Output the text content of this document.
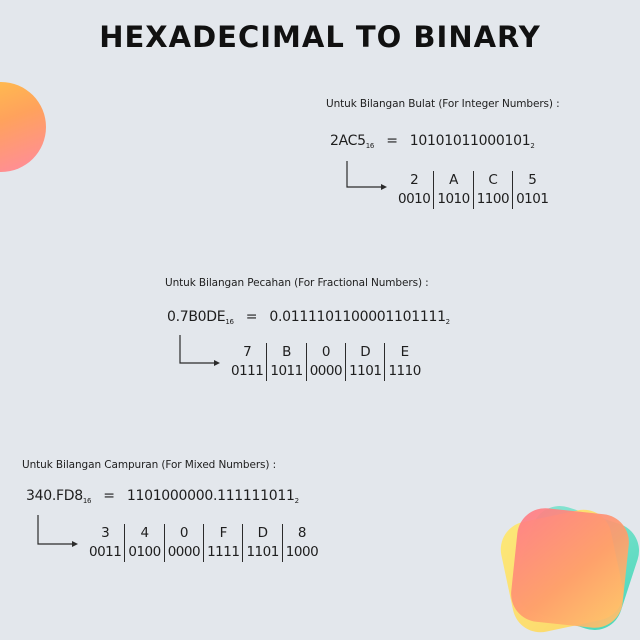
HEXADECIMAL TO BINARY
Untuk Bilangan Bulat (For Integer Numbers) :
$2AC5_{16} = 10101011000101_2$
2	A	C	5
0010	1010	1100	0101
Untuk Bilangan Pecahan (For Fractional Numbers) :
$0.7B0DE_{16} = 0.0111101100001101111_2$
7	B	0	D	E
0111	1011	0000	1101	1110
Untuk Bilangan Campuran (For Mixed Numbers) :
$340.FD8_{16} = 1101000000.111111011_2$
3	4	0	F	D	8
0011	0100	0000	1111	1101	1000
